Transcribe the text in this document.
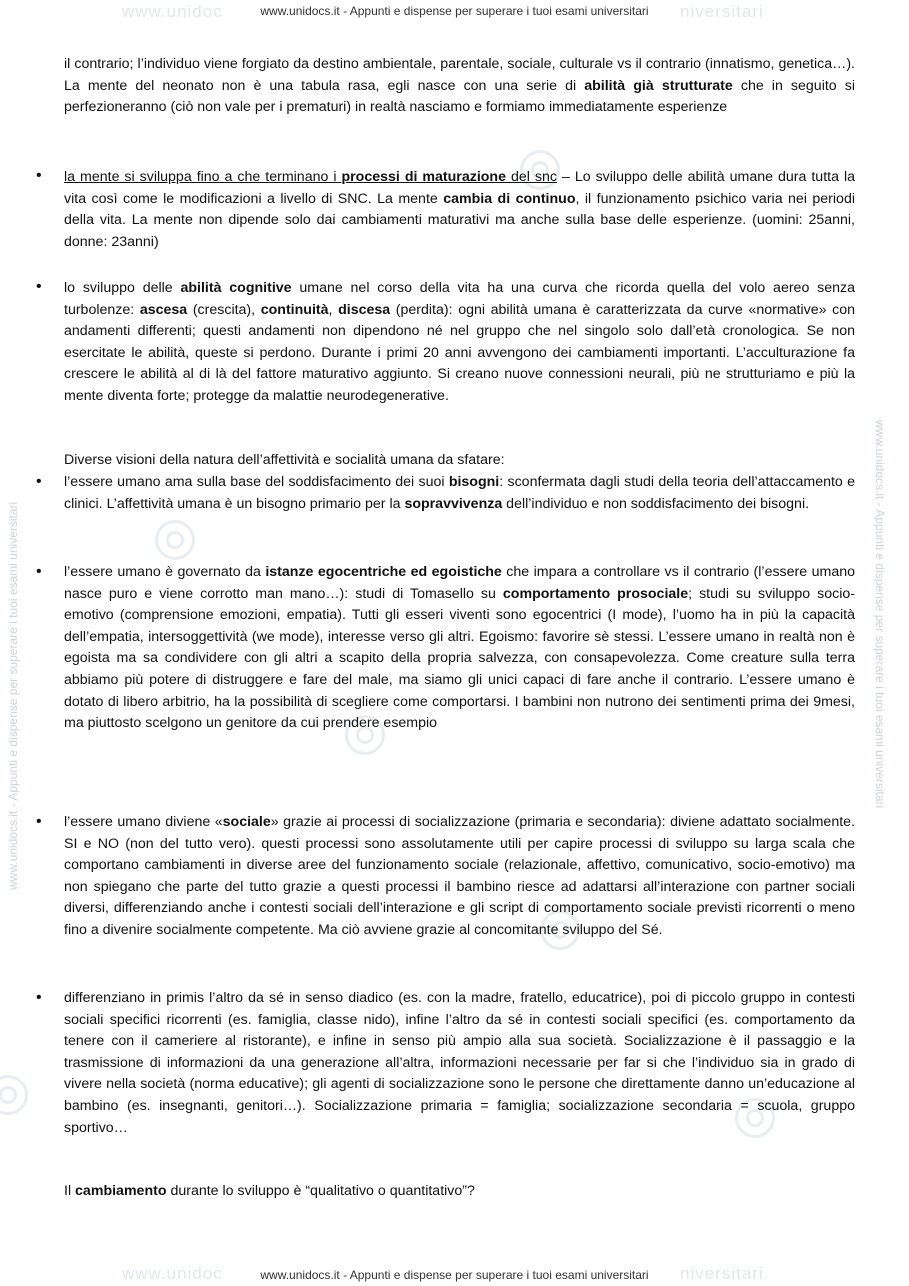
www.unidoc	niversitari
www.unidoc	niversitari
www.unidocs.it - Appunti e dispense per superare i tuoi esami universitari	www.unidocs.it - Appunti e dispense per superare i tuoi esami universitari
www.unidocs.it - Appunti e dispense per superare i tuoi esami universitari
il contrario; l’individuo viene forgiato da destino ambientale, parentale, sociale, culturale vs il contrario (innatismo, genetica…). La mente del neonato non è una tabula rasa, egli nasce con una serie di abilità già strutturate che in seguito si perfezioneranno (ciò non vale per i prematuri) in realtà nasciamo e formiamo immediatamente esperienze
• la mente si sviluppa fino a che terminano i processi di maturazione del snc – Lo sviluppo delle abilità umane dura tutta la vita così come le modificazioni a livello di SNC. La mente cambia di continuo, il funzionamento psichico varia nei periodi della vita. La mente non dipende solo dai cambiamenti maturativi ma anche sulla base delle esperienze. (uomini: 25anni, donne: 23anni)
• lo sviluppo delle abilità cognitive umane nel corso della vita ha una curva che ricorda quella del volo aereo senza turbolenze: ascesa (crescita), continuità, discesa (perdita): ogni abilità umana è caratterizzata da curve «normative» con andamenti differenti; questi andamenti non dipendono né nel gruppo che nel singolo solo dall’età cronologica. Se non esercitate le abilità, queste si perdono. Durante i primi 20 anni avvengono dei cambiamenti importanti. L’acculturazione fa crescere le abilità al di là del fattore maturativo aggiunto. Si creano nuove connessioni neurali, più ne strutturiamo e più la mente diventa forte; protegge da malattie neurodegenerative.
Diverse visioni della natura dell’affettività e socialità umana da sfatare:
• l’essere umano ama sulla base del soddisfacimento dei suoi bisogni: sconfermata dagli studi della teoria dell’attaccamento e clinici. L’affettività umana è un bisogno primario per la sopravvivenza dell’individuo e non soddisfacimento dei bisogni.
• l’essere umano è governato da istanze egocentriche ed egoistiche che impara a controllare vs il contrario (l’essere umano nasce puro e viene corrotto man mano…): studi di Tomasello su comportamento prosociale; studi su sviluppo socio-emotivo (comprensione emozioni, empatia). Tutti gli esseri viventi sono egocentrici (I mode), l’uomo ha in più la capacità dell’empatia, intersoggettività (we mode), interesse verso gli altri. Egoismo: favorire sè stessi. L’essere umano in realtà non è egoista ma sa condividere con gli altri a scapito della propria salvezza, con consapevolezza. Come creature sulla terra abbiamo più potere di distruggere e fare del male, ma siamo gli unici capaci di fare anche il contrario. L’essere umano è dotato di libero arbitrio, ha la possibilità di scegliere come comportarsi. I bambini non nutrono dei sentimenti prima dei 9mesi, ma piuttosto scelgono un genitore da cui prendere esempio
• l’essere umano diviene «sociale» grazie ai processi di socializzazione (primaria e secondaria): diviene adattato socialmente. SI e NO (non del tutto vero). questi processi sono assolutamente utili per capire processi di sviluppo su larga scala che comportano cambiamenti in diverse aree del funzionamento sociale (relazionale, affettivo, comunicativo, socio-emotivo) ma non spiegano che parte del tutto grazie a questi processi il bambino riesce ad adattarsi all’interazione con partner sociali diversi, differenziando anche i contesti sociali dell’interazione e gli script di comportamento sociale previsti ricorrenti o meno fino a divenire socialmente competente. Ma ciò avviene grazie al concomitante sviluppo del Sé.
• differenziano in primis l’altro da sé in senso diadico (es. con la madre, fratello, educatrice), poi di piccolo gruppo in contesti sociali specifici ricorrenti (es. famiglia, classe nido), infine l’altro da sé in contesti sociali specifici (es. comportamento da tenere con il cameriere al ristorante), e infine in senso più ampio alla sua società. Socializzazione è il passaggio e la trasmissione di informazioni da una generazione all’altra, informazioni necessarie per far si che l’individuo sia in grado di vivere nella società (norma educative); gli agenti di socializzazione sono le persone che direttamente danno un’educazione al bambino (es. insegnanti, genitori…). Socializzazione primaria = famiglia; socializzazione secondaria = scuola, gruppo sportivo…
Il cambiamento durante lo sviluppo è “qualitativo o quantitativo”?
www.unidocs.it - Appunti e dispense per superare i tuoi esami universitari
